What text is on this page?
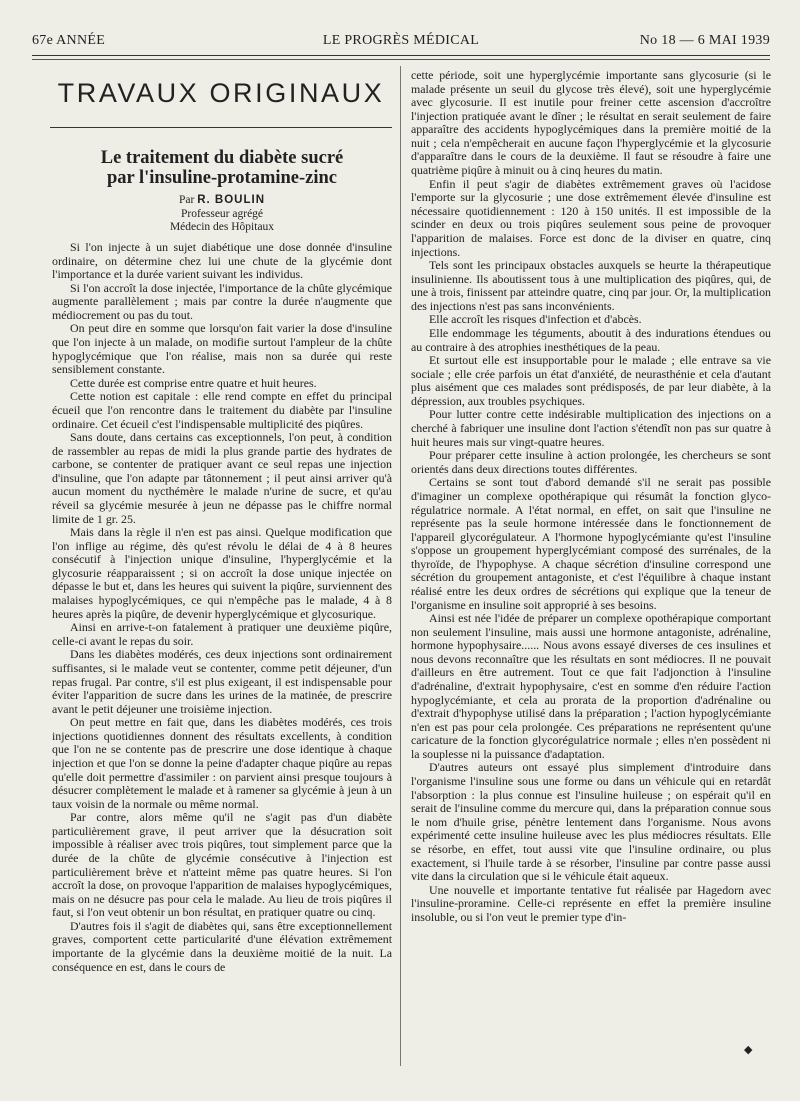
67e ANNÉE	LE PROGRÈS MÉDICAL	No 18 — 6 MAI 1939
TRAVAUX ORIGINAUX
Le traitement du diabète sucré
par l'insuline-protamine-zinc
Par R. BOULIN
Professeur agrégé
Médecin des Hôpitaux

Si l'on injecte à un sujet diabétique une dose donnée d'insuline ordinaire, on détermine chez lui une chute de la glycémie dont l'importance et la durée varient suivant les individus.

Si l'on accroît la dose injectée, l'importance de la chûte glycémique augmente parallèlement ; mais par contre la durée n'augmente que médiocrement ou pas du tout.

On peut dire en somme que lorsqu'on fait varier la dose d'insuline que l'on injecte à un malade, on modifie surtout l'ampleur de la chûte hypoglycémique que l'on réalise, mais non sa durée qui reste sensiblement constante.

Cette durée est comprise entre quatre et huit heures.

Cette notion est capitale : elle rend compte en effet du principal écueil que l'on rencontre dans le traitement du diabète par l'insuline ordinaire. Cet écueil c'est l'indispensable multiplicité des piqûres.

Sans doute, dans certains cas exceptionnels, l'on peut, à condition de rassembler au repas de midi la plus grande partie des hydrates de carbone, se contenter de pratiquer avant ce seul repas une injection d'insuline, que l'on adapte par tâtonnement ; il peut ainsi arriver qu'à aucun moment du nycthémère le malade n'urine de sucre, et qu'au réveil sa glycémie mesurée à jeun ne dépasse pas le chiffre normal limite de 1 gr. 25.

Mais dans la règle il n'en est pas ainsi. Quelque modification que l'on inflige au régime, dès qu'est révolu le délai de 4 à 8 heures consécutif à l'injection unique d'insuline, l'hyperglycémie et la glycosurie réapparaissent ; si on accroît la dose unique injectée on dépasse le but et, dans les heures qui suivent la piqûre, surviennent des malaises hypoglycémiques, ce qui n'empêche pas le malade, 4 à 8 heures après la piqûre, de devenir hyperglycémique et glycosurique.

Ainsi en arrive-t-on fatalement à pratiquer une deuxième piqûre, celle-ci avant le repas du soir.

Dans les diabètes modérés, ces deux injections sont ordinairement suffisantes, si le malade veut se contenter, comme petit déjeuner, d'un repas frugal. Par contre, s'il est plus exigeant, il est indispensable pour éviter l'apparition de sucre dans les urines de la matinée, de prescrire avant le petit déjeuner une troisième injection.

On peut mettre en fait que, dans les diabètes modérés, ces trois injections quotidiennes donnent des résultats excellents, à condition que l'on ne se contente pas de prescrire une dose identique à chaque injection et que l'on se donne la peine d'adapter chaque piqûre au repas qu'elle doit permettre d'assimiler : on parvient ainsi presque toujours à désucrer complètement le malade et à ramener sa glycémie à jeun à un taux voisin de la normale ou même normal.

Par contre, alors même qu'il ne s'agit pas d'un diabète particulièrement grave, il peut arriver que la désucration soit impossible à réaliser avec trois piqûres, tout simplement parce que la durée de la chûte de glycémie consécutive à l'injection est particulièrement brève et n'atteint même pas quatre heures. Si l'on accroît la dose, on provoque l'apparition de malaises hypoglycémiques, mais on ne désucre pas pour cela le malade. Au lieu de trois piqûres il faut, si l'on veut obtenir un bon résultat, en pratiquer quatre ou cinq.

D'autres fois il s'agit de diabètes qui, sans être exceptionnellement graves, comportent cette particularité d'une élévation extrêmement importante de la glycémie dans la deuxième moitié de la nuit. La conséquence en est, dans le cours de

cette période, soit une hyperglycémie importante sans glycosurie (si le malade présente un seuil du glycose très élevé), soit une hyperglycémie avec glycosurie. Il est inutile pour freiner cette ascension d'accroître l'injection pratiquée avant le dîner ; le résultat en serait seulement de faire apparaître des accidents hypoglycémiques dans la première moitié de la nuit ; cela n'empêcherait en aucune façon l'hyperglycémie et la glycosurie d'apparaître dans le cours de la deuxième. Il faut se résoudre à faire une quatrième piqûre à minuit ou à cinq heures du matin.

Enfin il peut s'agir de diabètes extrêmement graves où l'acidose l'emporte sur la glycosurie ; une dose extrêmement élevée d'insuline est nécessaire quotidiennement : 120 à 150 unités. Il est impossible de la scinder en deux ou trois piqûres seulement sous peine de provoquer l'apparition de malaises. Force est donc de la diviser en quatre, cinq injections.

Tels sont les principaux obstacles auxquels se heurte la thérapeutique insulinienne. Ils aboutissent tous à une multiplication des piqûres, qui, de une à trois, finissent par atteindre quatre, cinq par jour. Or, la multiplication des injections n'est pas sans inconvénients.

Elle accroît les risques d'infection et d'abcès.

Elle endommage les téguments, aboutit à des indurations étendues ou au contraire à des atrophies inesthétiques de la peau.

Et surtout elle est insupportable pour le malade ; elle entrave sa vie sociale ; elle crée parfois un état d'anxiété, de neurasthénie et cela d'autant plus aisément que ces malades sont prédisposés, de par leur diabète, à la dépression, aux troubles psychiques.

Pour lutter contre cette indésirable multiplication des injections on a cherché à fabriquer une insuline dont l'action s'étendît non pas sur quatre à huit heures mais sur vingt-quatre heures.

Pour préparer cette insuline à action prolongée, les chercheurs se sont orientés dans deux directions toutes différentes.

Certains se sont tout d'abord demandé s'il ne serait pas possible d'imaginer un complexe opothérapique qui résumât la fonction glyco-régulatrice normale. A l'état normal, en effet, on sait que l'insuline ne représente pas la seule hormone intéressée dans le fonctionnement de l'appareil glycorégulateur. A l'hormone hypoglycémiante qu'est l'insuline s'oppose un groupement hyperglycémiant composé des surrénales, de la thyroïde, de l'hypophyse. A chaque sécrétion d'insuline correspond une sécrétion du groupement antagoniste, et c'est l'équilibre à chaque instant réalisé entre les deux ordres de sécrétions qui explique que la teneur de l'organisme en insuline soit approprié à ses besoins.

Ainsi est née l'idée de préparer un complexe opothérapique comportant non seulement l'insuline, mais aussi une hormone antagoniste, adrénaline, hormone hypophysaire...... Nous avons essayé diverses de ces insulines et nous devons reconnaître que les résultats en sont médiocres. Il ne pouvait d'ailleurs en être autrement. Tout ce que fait l'adjonction à l'insuline d'adrénaline, d'extrait hypophysaire, c'est en somme d'en réduire l'action hypoglycémiante, et cela au prorata de la proportion d'adrénaline ou d'extrait d'hypophyse utilisé dans la préparation ; l'action hypoglycémiante n'en est pas pour cela prolongée. Ces préparations ne représentent qu'une caricature de la fonction glycorégulatrice normale ; elles n'en possèdent ni la souplesse ni la puissance d'adaptation.

D'autres auteurs ont essayé plus simplement d'introduire dans l'organisme l'insuline sous une forme ou dans un véhicule qui en retardât l'absorption : la plus connue est l'insuline huileuse ; on espérait qu'il en serait de l'insuline comme du mercure qui, dans la préparation connue sous le nom d'huile grise, pénètre lentement dans l'organisme. Nous avons expérimenté cette insuline huileuse avec les plus médiocres résultats. Elle se résorbe, en effet, tout aussi vite que l'insuline ordinaire, ou plus exactement, si l'huile tarde à se résorber, l'insuline par contre passe aussi vite dans la circulation que si le véhicule était aqueux.

Une nouvelle et importante tentative fut réalisée par Hagedorn avec l'insuline-proramine. Celle-ci représente en effet la première insuline insoluble, ou si l'on veut le premier type d'in-

◆
